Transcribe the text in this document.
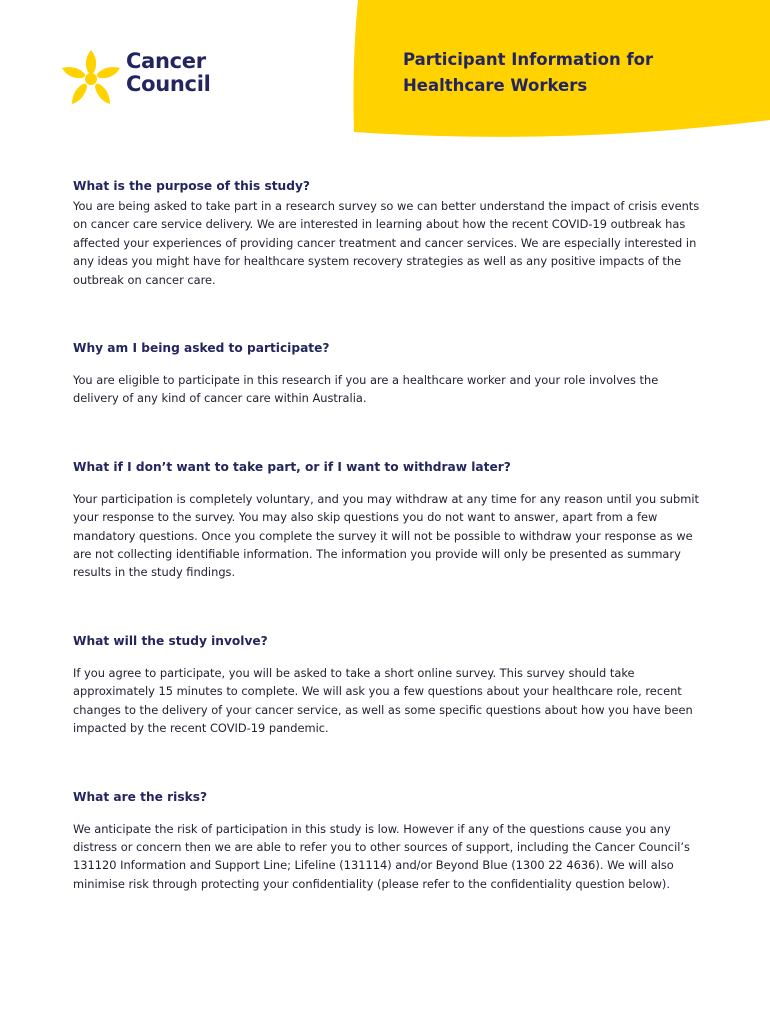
Participant Information for
Healthcare Workers
Cancer
Council
What is the purpose of this study?

You are being asked to take part in a research survey so we can better understand the impact of crisis events on cancer care service delivery. We are interested in learning about how the recent COVID-19 outbreak has affected your experiences of providing cancer treatment and cancer services. We are especially interested in any ideas you might have for healthcare system recovery strategies as well as any positive impacts of the outbreak on cancer care.

Why am I being asked to participate?

You are eligible to participate in this research if you are a healthcare worker and your role involves the delivery of any kind of cancer care within Australia.

What if I don’t want to take part, or if I want to withdraw later?

Your participation is completely voluntary, and you may withdraw at any time for any reason until you submit your response to the survey. You may also skip questions you do not want to answer, apart from a few mandatory questions. Once you complete the survey it will not be possible to withdraw your response as we are not collecting identifiable information. The information you provide will only be presented as summary results in the study findings.

What will the study involve?

If you agree to participate, you will be asked to take a short online survey. This survey should take approximately 15 minutes to complete. We will ask you a few questions about your healthcare role, recent changes to the delivery of your cancer service, as well as some specific questions about how you have been impacted by the recent COVID-19 pandemic.

What are the risks?

We anticipate the risk of participation in this study is low. However if any of the questions cause you any distress or concern then we are able to refer you to other sources of support, including the Cancer Council’s 131120 Information and Support Line; Lifeline (131114) and/or Beyond Blue (1300 22 4636). We will also minimise risk through protecting your confidentiality (please refer to the confidentiality question below).
